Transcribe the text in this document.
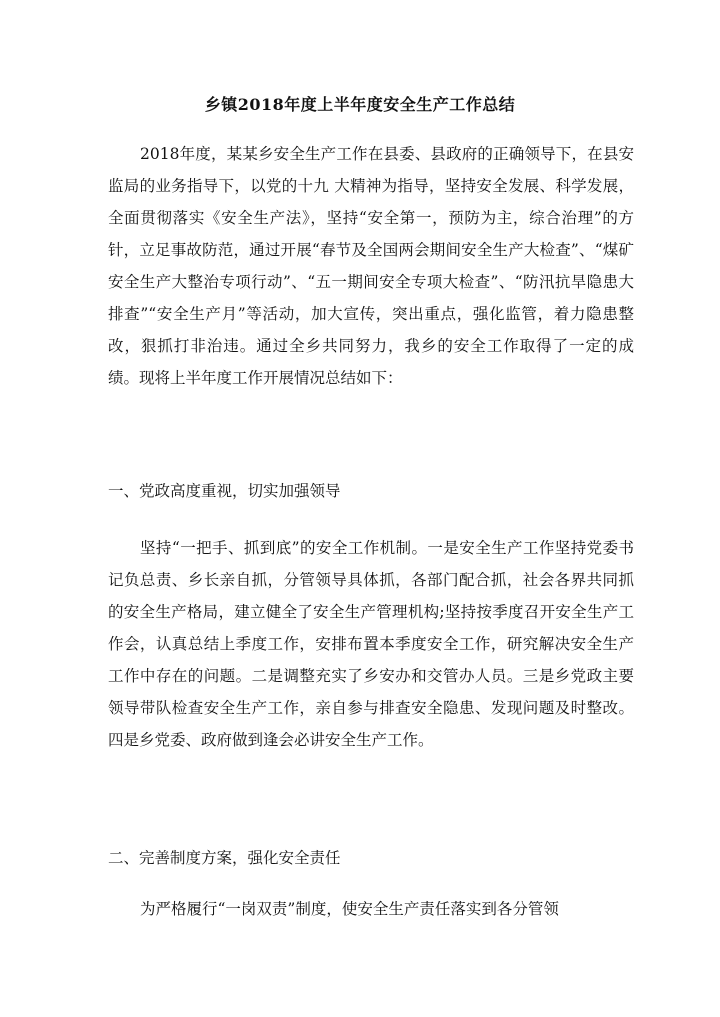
乡镇2018年度上半年度安全生产工作总结

2018年度，某某乡安全生产工作在县委、县政府的正确领导下，在县安监局的业务指导下，以党的十九 大精神为指导，坚持安全发展、科学发展，全面贯彻落实《安全生产法》，坚持“安全第一，预防为主，综合治理”的方针，立足事故防范，通过开展“春节及全国两会期间安全生产大检查”、“煤矿安全生产大整治专项行动”、“五一期间安全专项大检查”、“防汛抗旱隐患大排查”“安全生产月”等活动，加大宣传，突出重点，强化监管，着力隐患整改，狠抓打非治违。通过全乡共同努力，我乡的安全工作取得了一定的成绩。现将上半年度工作开展情况总结如下：

一、党政高度重视，切实加强领导

坚持“一把手、抓到底”的安全工作机制。一是安全生产工作坚持党委书记负总责、乡长亲自抓，分管领导具体抓，各部门配合抓，社会各界共同抓的安全生产格局，建立健全了安全生产管理机构;坚持按季度召开安全生产工作会，认真总结上季度工作，安排布置本季度安全工作，研究解决安全生产工作中存在的问题。二是调整充实了乡安办和交管办人员。三是乡党政主要领导带队检查安全生产工作，亲自参与排查安全隐患、发现问题及时整改。四是乡党委、政府做到逢会必讲安全生产工作。

二、完善制度方案，强化安全责任

为严格履行“一岗双责”制度，使安全生产责任落实到各分管领
